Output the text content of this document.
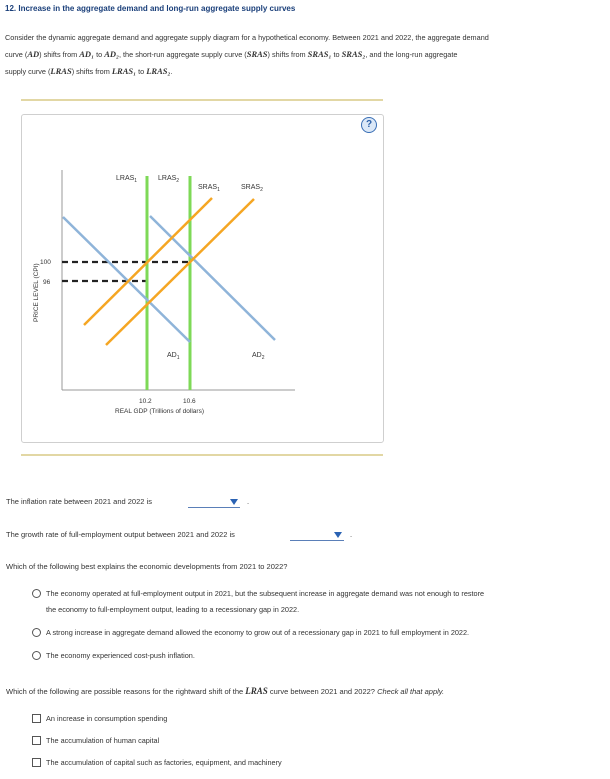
12. Increase in the aggregate demand and long-run aggregate supply curves
Consider the dynamic aggregate demand and aggregate supply diagram for a hypothetical economy. Between 2021 and 2022, the aggregate demand
curve (AD) shifts from AD₁ to AD₂, the short-run aggregate supply curve (SRAS) shifts from SRAS₁ to SRAS₂, and the long-run aggregate
supply curve (LRAS) shifts from LRAS₁ to LRAS₂.
?
$LRAS_1$	$LRAS_2$
$SRAS_1$	$SRAS_2$
$AD_1$	$AD_2$
100
96
10.2	10.6
REAL GDP (Trillions of dollars)
PRICE LEVEL (CPI)
The inflation rate between 2021 and 2022 is	.
The growth rate of full-employment output between 2021 and 2022 is	.
Which of the following best explains the economic developments from 2021 to 2022?
The economy operated at full-employment output in 2021, but the subsequent increase in aggregate demand was not enough to restore
the economy to full-employment output, leading to a recessionary gap in 2022.
A strong increase in aggregate demand allowed the economy to grow out of a recessionary gap in 2021 to full employment in 2022.
The economy experienced cost-push inflation.
Which of the following are possible reasons for the rightward shift of the LRAS curve between 2021 and 2022? Check all that apply.
An increase in consumption spending
The accumulation of human capital
The accumulation of capital such as factories, equipment, and machinery
